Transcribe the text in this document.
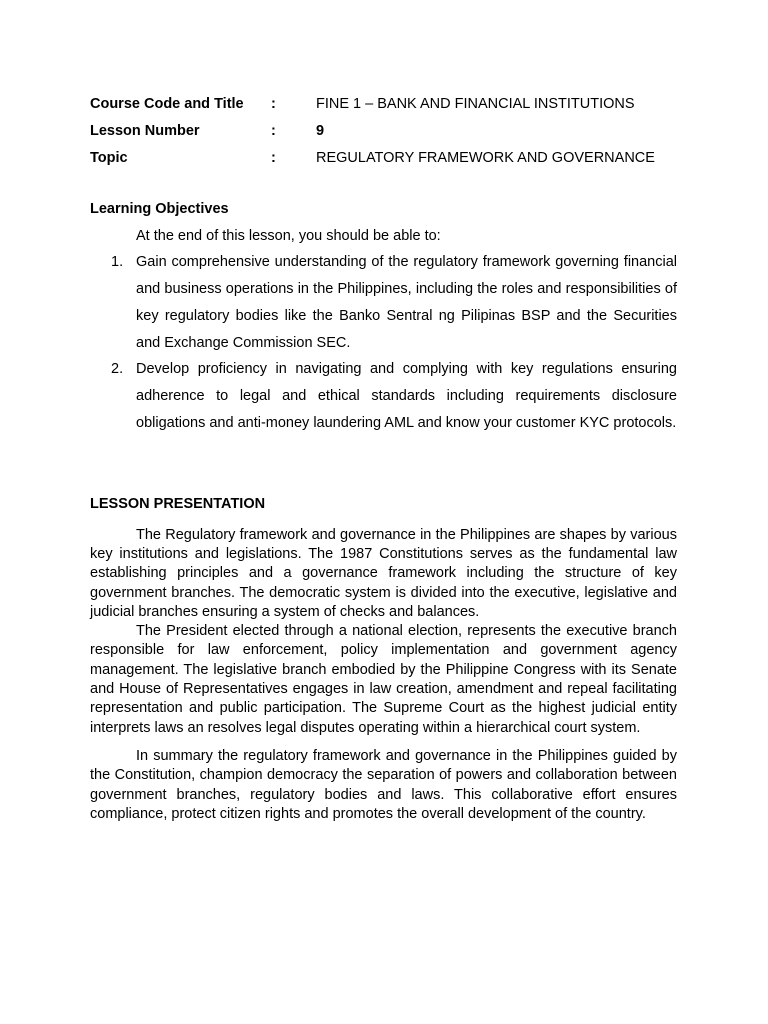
Course Code and Title	:	FINE 1 – BANK AND FINANCIAL INSTITUTIONS
Lesson Number	:	9
Topic	:	REGULATORY FRAMEWORK AND GOVERNANCE

Learning Objectives

At the end of this lesson, you should be able to:

1. Gain comprehensive understanding of the regulatory framework governing financial and business operations in the Philippines, including the roles and responsibilities of key regulatory bodies like the Banko Sentral ng Pilipinas BSP and the Securities and Exchange Commission SEC.
2. Develop proficiency in navigating and complying with key regulations ensuring adherence to legal and ethical standards including requirements disclosure obligations and anti-money laundering AML and know your customer KYC protocols.

LESSON PRESENTATION

The Regulatory framework and governance in the Philippines are shapes by various key institutions and legislations. The 1987 Constitutions serves as the fundamental law establishing principles and a governance framework including the structure of key government branches. The democratic system is divided into the executive, legislative and judicial branches ensuring a system of checks and balances.

The President elected through a national election, represents the executive branch responsible for law enforcement, policy implementation and government agency management. The legislative branch embodied by the Philippine Congress with its Senate and House of Representatives engages in law creation, amendment and repeal facilitating representation and public participation. The Supreme Court as the highest judicial entity interprets laws an resolves legal disputes operating within a hierarchical court system.

In summary the regulatory framework and governance in the Philippines guided by the Constitution, champion democracy the separation of powers and collaboration between government branches, regulatory bodies and laws. This collaborative effort ensures compliance, protect citizen rights and promotes the overall development of the country.
